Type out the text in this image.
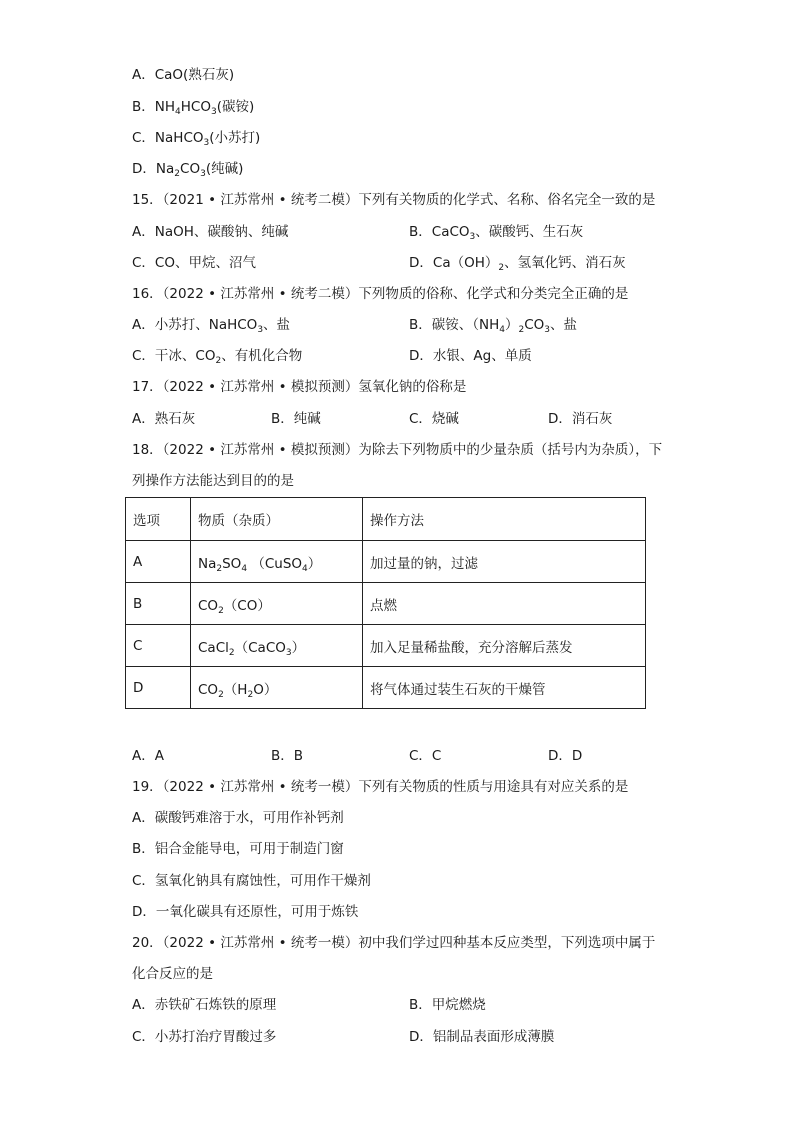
A．CaO(熟石灰)
B．$NH_4HCO_3$(碳铵)
C．NaHCO$_3$(小苏打)
D．$Na_2CO_3$(纯碱)
15．（2021 • 江苏常州 • 统考二模）下列有关物质的化学式、名称、俗名完全一致的是
A．NaOH、碳酸钠、纯碱	B．CaCO$_3$、碳酸钙、生石灰
C．CO、甲烷、沼气	D．$Ca(OH)_2$、氢氧化钙、消石灰
16．（2022 • 江苏常州 • 统考二模）下列物质的俗称、化学式和分类完全正确的是
A．小苏打、NaHCO$_3$、盐	B．碳铵、$(NH_4)_2CO_3$、盐
C．干冰、$CO_2$、有机化合物	D．水银、Ag、单质
17．（2022 • 江苏常州 • 模拟预测）氢氧化钠的俗称是
A．熟石灰	B．纯碱	C．烧碱	D．消石灰
18．（2022 • 江苏常州 • 模拟预测）为除去下列物质中的少量杂质（括号内为杂质），下
列操作方法能达到目的的是
选项	物质（杂质）	操作方法
A	$Na_2SO_4$ （CuSO$_4$）	加过量的钠，过滤
B	$CO_2(CO)$	点燃
C	CaCl$_2$（CaCO$_3$）	加入足量稀盐酸，充分溶解后蒸发
D	$CO_2(H_2O)$	将气体通过装生石灰的干燥管
A．A	B．B	C．C	D．D
19．（2022 • 江苏常州 • 统考一模）下列有关物质的性质与用途具有对应关系的是
A．碳酸钙难溶于水，可用作补钙剂
B．铝合金能导电，可用于制造门窗
C．氢氧化钠具有腐蚀性，可用作干燥剂
D．一氧化碳具有还原性，可用于炼铁
20．（2022 • 江苏常州 • 统考一模）初中我们学过四种基本反应类型，下列选项中属于
化合反应的是
A．赤铁矿石炼铁的原理	B．甲烷燃烧
C．小苏打治疗胃酸过多	D．铝制品表面形成薄膜
